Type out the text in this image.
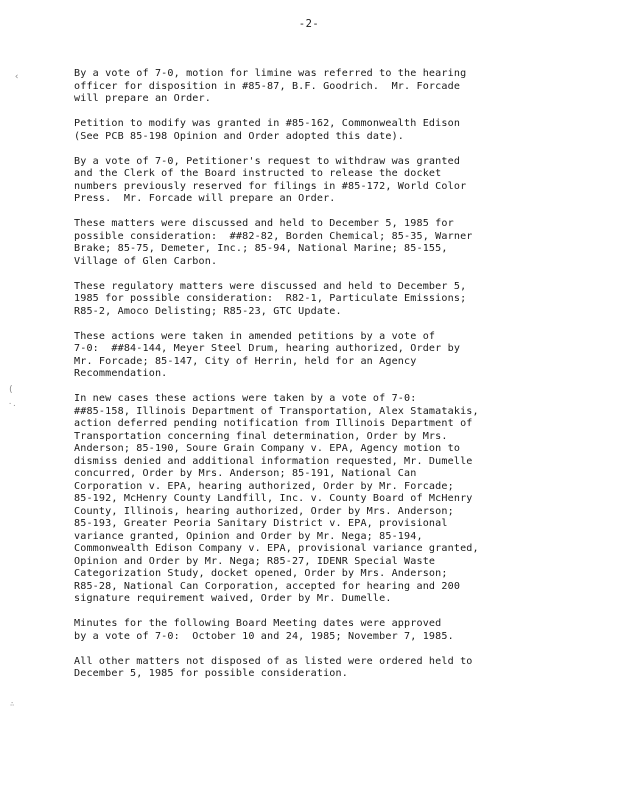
-2-
‹
(
·.
∴

By a vote of 7-0, motion for limine was referred to the hearing
officer for disposition in #85-87, B.F. Goodrich.  Mr. Forcade
will prepare an Order.

Petition to modify was granted in #85-162, Commonwealth Edison
(See PCB 85-198 Opinion and Order adopted this date).

By a vote of 7-0, Petitioner's request to withdraw was granted
and the Clerk of the Board instructed to release the docket
numbers previously reserved for filings in #85-172, World Color
Press.  Mr. Forcade will prepare an Order.

These matters were discussed and held to December 5, 1985 for
possible consideration:  ##82-82, Borden Chemical; 85-35, Warner
Brake; 85-75, Demeter, Inc.; 85-94, National Marine; 85-155,
Village of Glen Carbon.

These regulatory matters were discussed and held to December 5,
1985 for possible consideration:  R82-1, Particulate Emissions;
R85-2, Amoco Delisting; R85-23, GTC Update.

These actions were taken in amended petitions by a vote of
7-0:  ##84-144, Meyer Steel Drum, hearing authorized, Order by
Mr. Forcade; 85-147, City of Herrin, held for an Agency
Recommendation.

In new cases these actions were taken by a vote of 7-0:
##85-158, Illinois Department of Transportation, Alex Stamatakis,
action deferred pending notification from Illinois Department of
Transportation concerning final determination, Order by Mrs.
Anderson; 85-190, Soure Grain Company v. EPA, Agency motion to
dismiss denied and additional information requested, Mr. Dumelle
concurred, Order by Mrs. Anderson; 85-191, National Can
Corporation v. EPA, hearing authorized, Order by Mr. Forcade;
85-192, McHenry County Landfill, Inc. v. County Board of McHenry
County, Illinois, hearing authorized, Order by Mrs. Anderson;
85-193, Greater Peoria Sanitary District v. EPA, provisional
variance granted, Opinion and Order by Mr. Nega; 85-194,
Commonwealth Edison Company v. EPA, provisional variance granted,
Opinion and Order by Mr. Nega; R85-27, IDENR Special Waste
Categorization Study, docket opened, Order by Mrs. Anderson;
R85-28, National Can Corporation, accepted for hearing and 200
signature requirement waived, Order by Mr. Dumelle.

Minutes for the following Board Meeting dates were approved
by a vote of 7-0:  October 10 and 24, 1985; November 7, 1985.

All other matters not disposed of as listed were ordered held to
December 5, 1985 for possible consideration.
